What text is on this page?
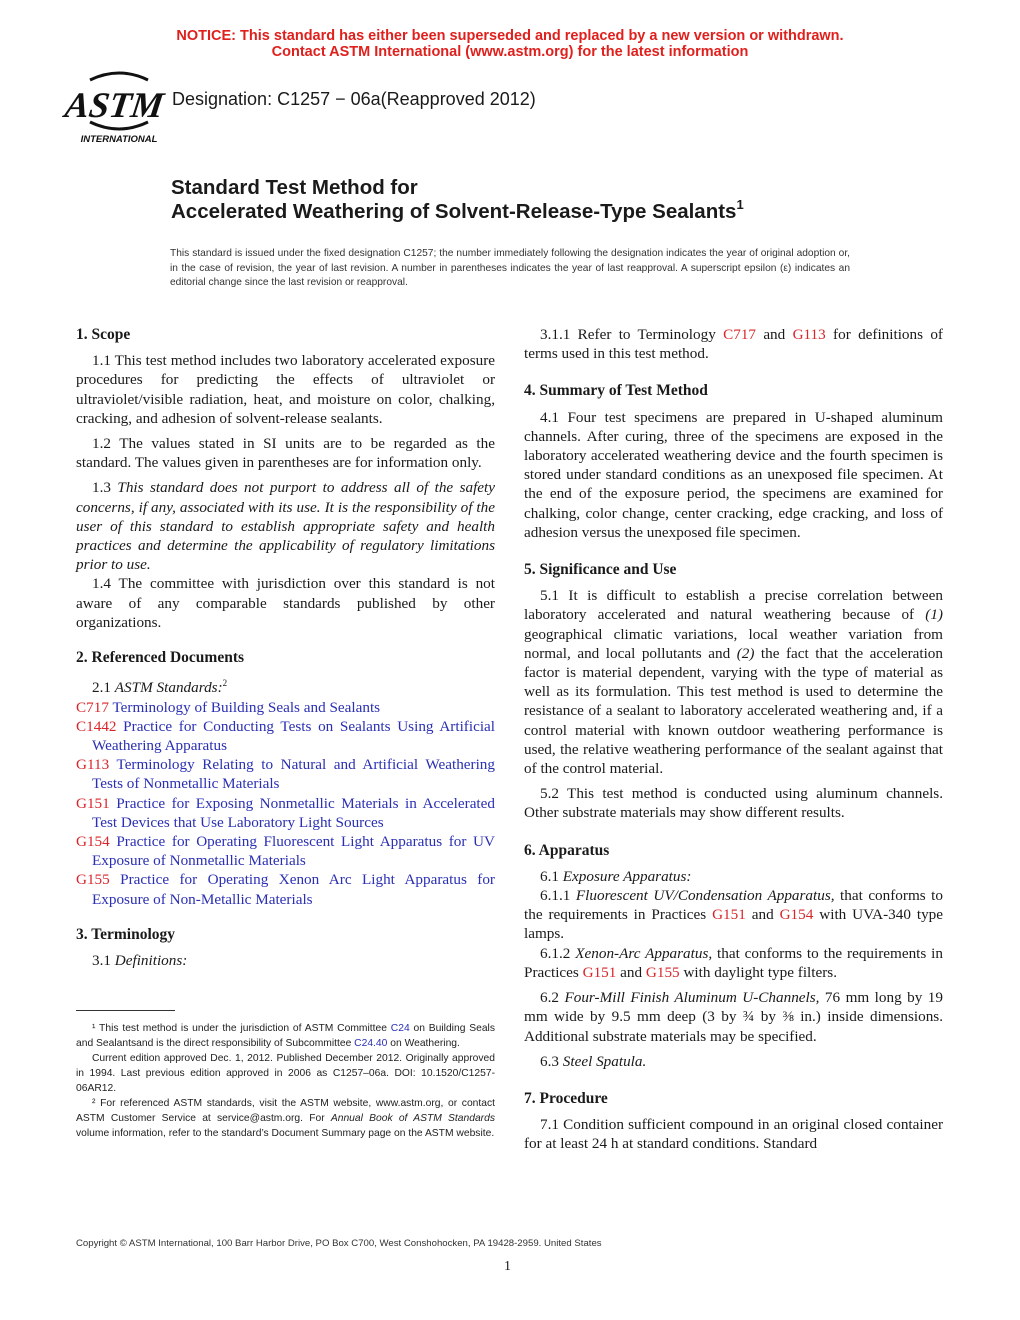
NOTICE: This standard has either been superseded and replaced by a new version or withdrawn.
Contact ASTM International (www.astm.org) for the latest information
ASTM
INTERNATIONAL
Designation: C1257 − 06a(Reapproved 2012)
Standard Test Method for
Accelerated Weathering of Solvent-Release-Type Sealants$^1$
This standard is issued under the fixed designation C1257; the number immediately following the designation indicates the year of original adoption or, in the case of revision, the year of last revision. A number in parentheses indicates the year of last reapproval. A superscript epsilon (ε) indicates an editorial change since the last revision or reapproval.

1. Scope

1.1 This test method includes two laboratory accelerated exposure procedures for predicting the effects of ultraviolet or ultraviolet/visible radiation, heat, and moisture on color, chalking, cracking, and adhesion of solvent-release sealants.

1.2 The values stated in SI units are to be regarded as the standard. The values given in parentheses are for information only.

1.3 This standard does not purport to address all of the safety concerns, if any, associated with its use. It is the responsibility of the user of this standard to establish appropriate safety and health practices and determine the applicability of regulatory limitations prior to use.

1.4 The committee with jurisdiction over this standard is not aware of any comparable standards published by other organizations.

2. Referenced Documents

2.1 ASTM Standards:$^2$

C717 Terminology of Building Seals and Sealants

C1442 Practice for Conducting Tests on Sealants Using Artificial Weathering Apparatus

G113 Terminology Relating to Natural and Artificial Weathering Tests of Nonmetallic Materials

G151 Practice for Exposing Nonmetallic Materials in Accelerated Test Devices that Use Laboratory Light Sources

G154 Practice for Operating Fluorescent Light Apparatus for UV Exposure of Nonmetallic Materials

G155 Practice for Operating Xenon Arc Light Apparatus for Exposure of Non-Metallic Materials

3. Terminology

3.1 Definitions:

¹ This test method is under the jurisdiction of ASTM Committee C24 on Building Seals and Sealantsand is the direct responsibility of Subcommittee C24.40 on Weathering.

Current edition approved Dec. 1, 2012. Published December 2012. Originally approved in 1994. Last previous edition approved in 2006 as C1257–06a. DOI: 10.1520/C1257-06AR12.

² For referenced ASTM standards, visit the ASTM website, www.astm.org, or contact ASTM Customer Service at service@astm.org. For Annual Book of ASTM Standards volume information, refer to the standard’s Document Summary page on the ASTM website.

3.1.1 Refer to Terminology C717 and G113 for definitions of terms used in this test method.

4. Summary of Test Method

4.1 Four test specimens are prepared in U-shaped aluminum channels. After curing, three of the specimens are exposed in the laboratory accelerated weathering device and the fourth specimen is stored under standard conditions as an unexposed file specimen. At the end of the exposure period, the specimens are examined for chalking, color change, center cracking, edge cracking, and loss of adhesion versus the unexposed file specimen.

5. Significance and Use

5.1 It is difficult to establish a precise correlation between laboratory accelerated and natural weathering because of (1) geographical climatic variations, local weather variation from normal, and local pollutants and (2) the fact that the acceleration factor is material dependent, varying with the type of material as well as its formulation. This test method is used to determine the resistance of a sealant to laboratory accelerated weathering and, if a control material with known outdoor weathering performance is used, the relative weathering performance of the sealant against that of the control material.

5.2 This test method is conducted using aluminum channels. Other substrate materials may show different results.

6. Apparatus

6.1 Exposure Apparatus:

6.1.1 Fluorescent UV/Condensation Apparatus, that conforms to the requirements in Practices G151 and G154 with UVA-340 type lamps.

6.1.2 Xenon-Arc Apparatus, that conforms to the requirements in Practices G151 and G155 with daylight type filters.

6.2 Four-Mill Finish Aluminum U-Channels, 76 mm long by 19 mm wide by 9.5 mm deep (3 by ¾ by ⅜ in.) inside dimensions. Additional substrate materials may be specified.

6.3 Steel Spatula.

7. Procedure

7.1 Condition sufficient compound in an original closed container for at least 24 h at standard conditions. Standard

Copyright © ASTM International, 100 Barr Harbor Drive, PO Box C700, West Conshohocken, PA 19428-2959. United States
1
